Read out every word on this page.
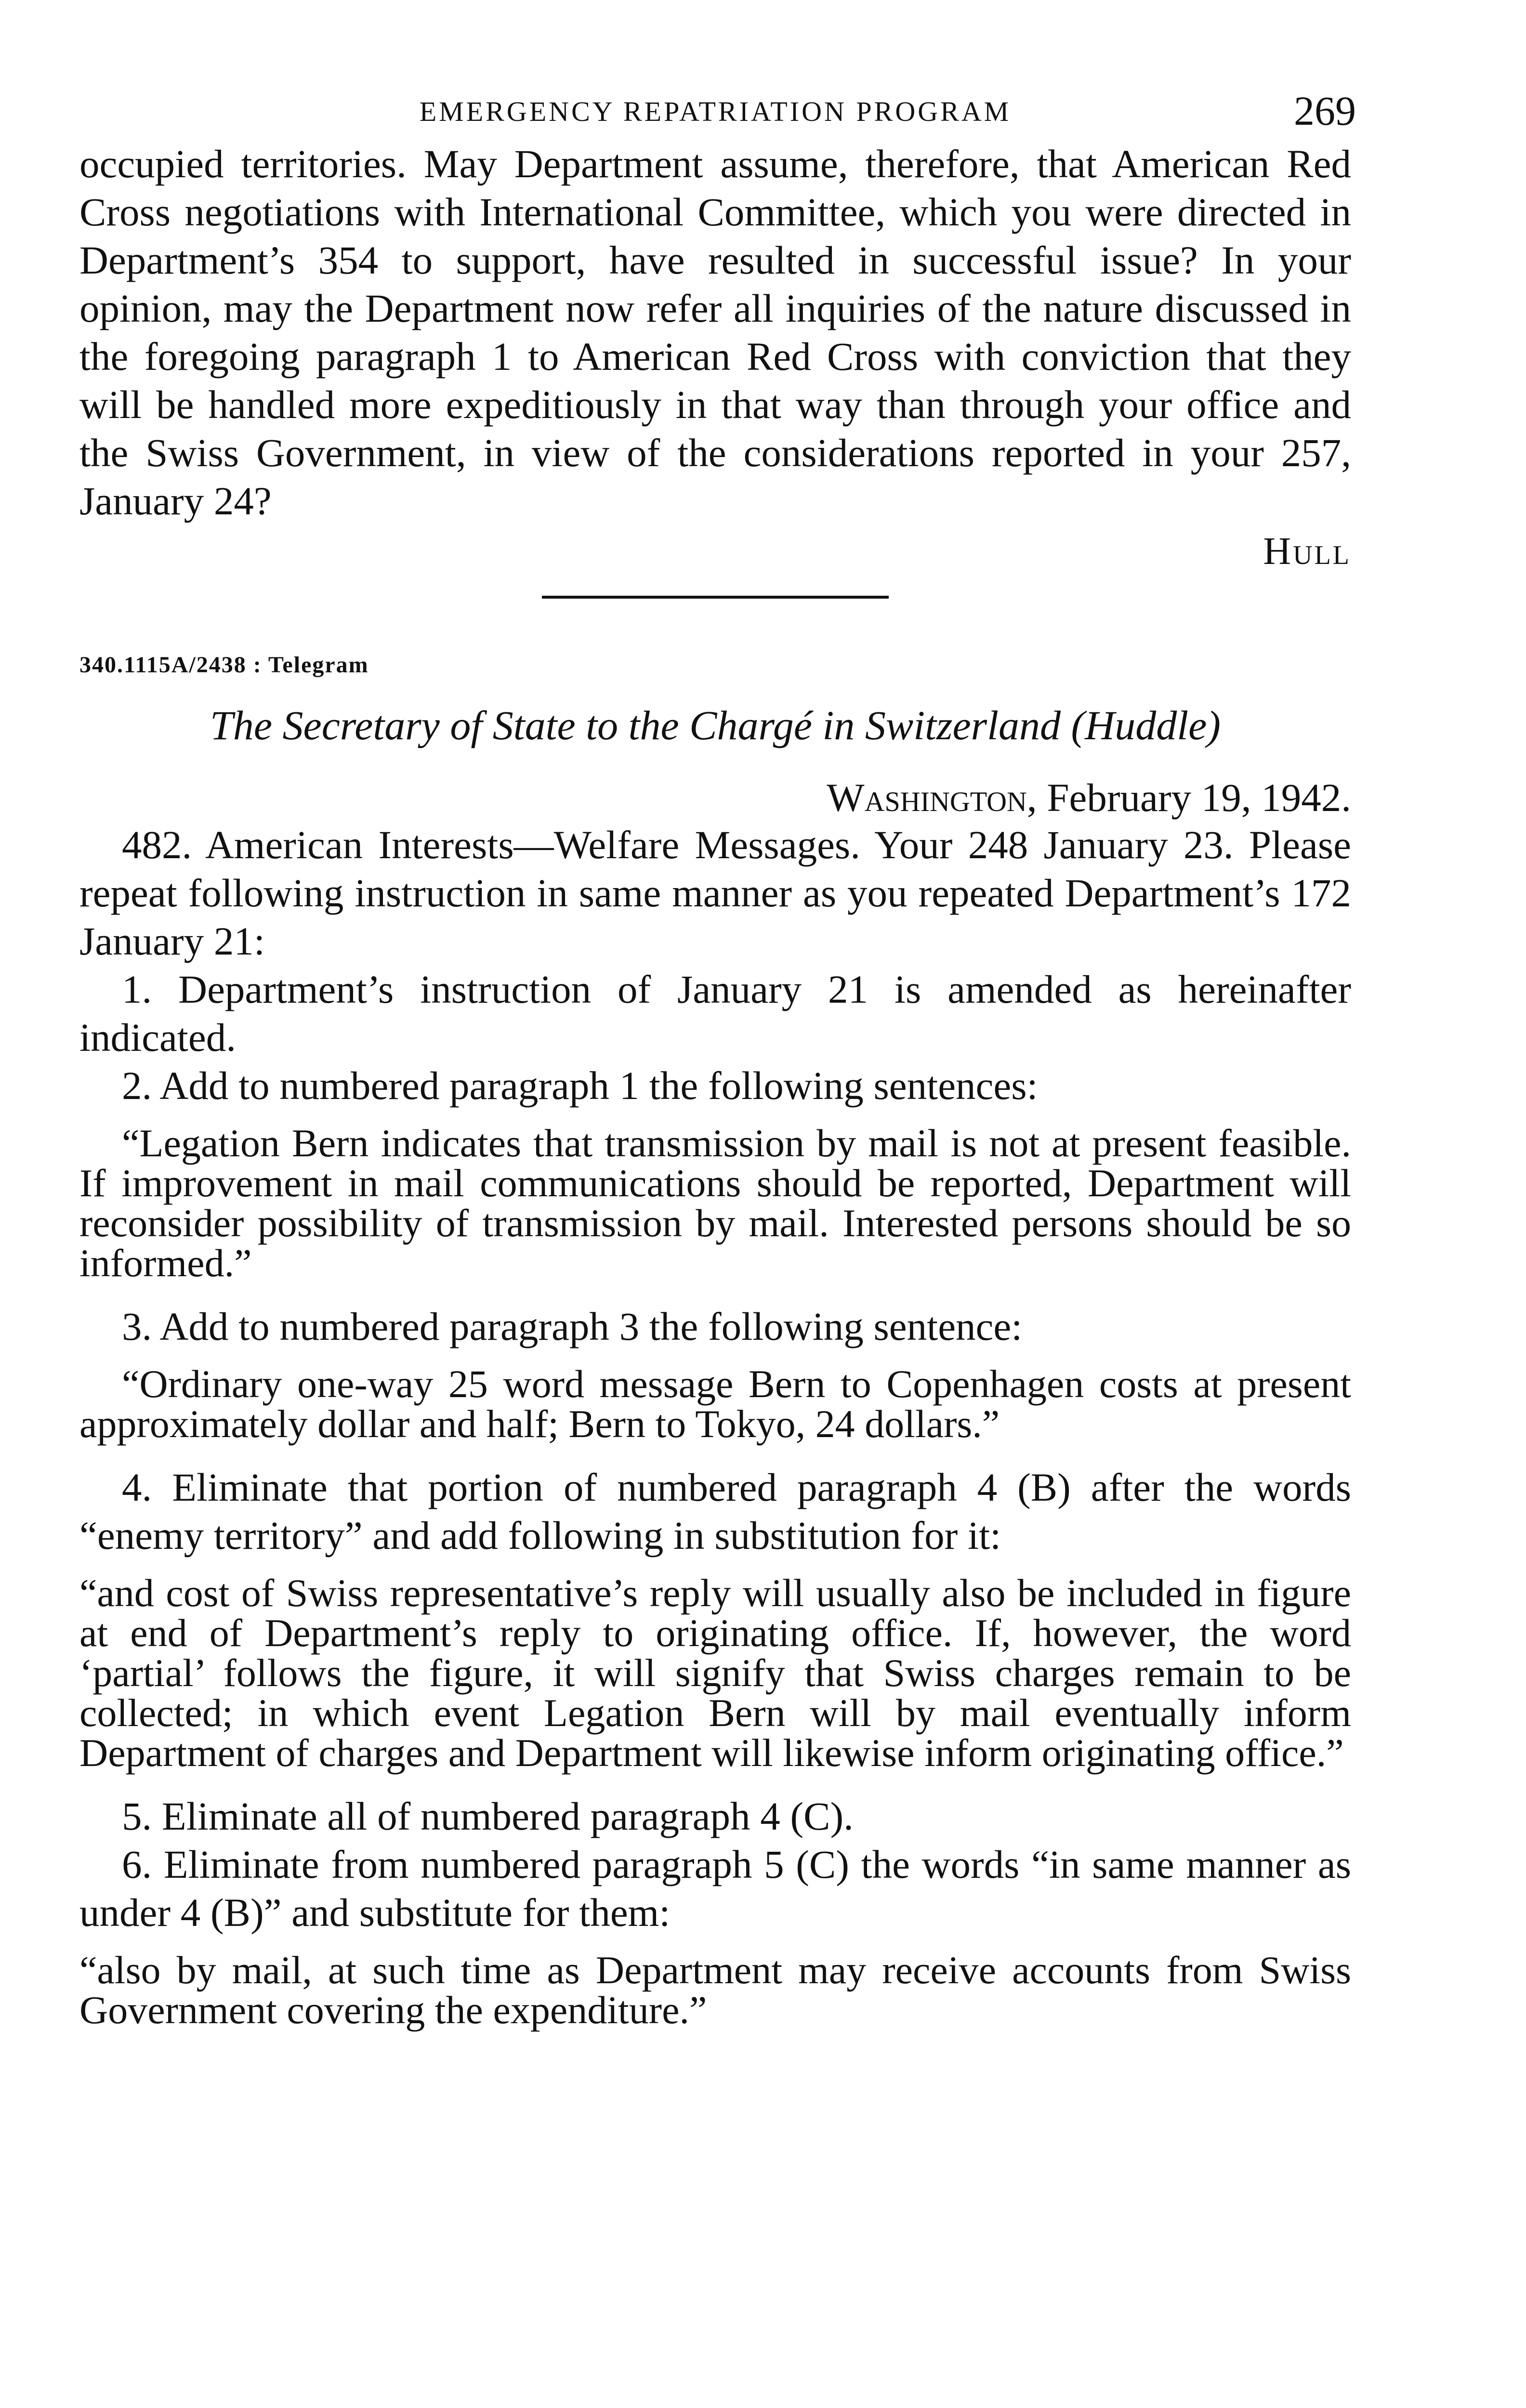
EMERGENCY REPATRIATION PROGRAM	269

occupied territories. May Department assume, therefore, that American Red Cross negotiations with International Committee, which you were directed in Department’s 354 to support, have resulted in successful issue? In your opinion, may the Department now refer all inquiries of the nature discussed in the foregoing paragraph 1 to American Red Cross with conviction that they will be handled more expeditiously in that way than through your office and the Swiss Government, in view of the considerations reported in your 257, January 24?

Hull
340.1115A/2438 : Telegram
The Secretary of State to the Chargé in Switzerland (Huddle)
Washington, February 19, 1942.

482. American Interests—Welfare Messages. Your 248 January 23. Please repeat following instruction in same manner as you repeated Department’s 172 January 21:

1. Department’s instruction of January 21 is amended as hereinafter indicated.

2. Add to numbered paragraph 1 the following sentences:

“Legation Bern indicates that transmission by mail is not at present feasible. If improvement in mail communications should be reported, Department will reconsider possibility of transmission by mail. Interested persons should be so informed.”

3. Add to numbered paragraph 3 the following sentence:

“Ordinary one-way 25 word message Bern to Copenhagen costs at present approximately dollar and half; Bern to Tokyo, 24 dollars.”

4. Eliminate that portion of numbered paragraph 4 (B) after the words “enemy territory” and add following in substitution for it:

“and cost of Swiss representative’s reply will usually also be included in figure at end of Department’s reply to originating office. If, however, the word ‘partial’ follows the figure, it will signify that Swiss charges remain to be collected; in which event Legation Bern will by mail eventually inform Department of charges and Department will likewise inform originating office.”

5. Eliminate all of numbered paragraph 4 (C).

6. Eliminate from numbered paragraph 5 (C) the words “in same manner as under 4 (B)” and substitute for them:

“also by mail, at such time as Department may receive accounts from Swiss Government covering the expenditure.”
